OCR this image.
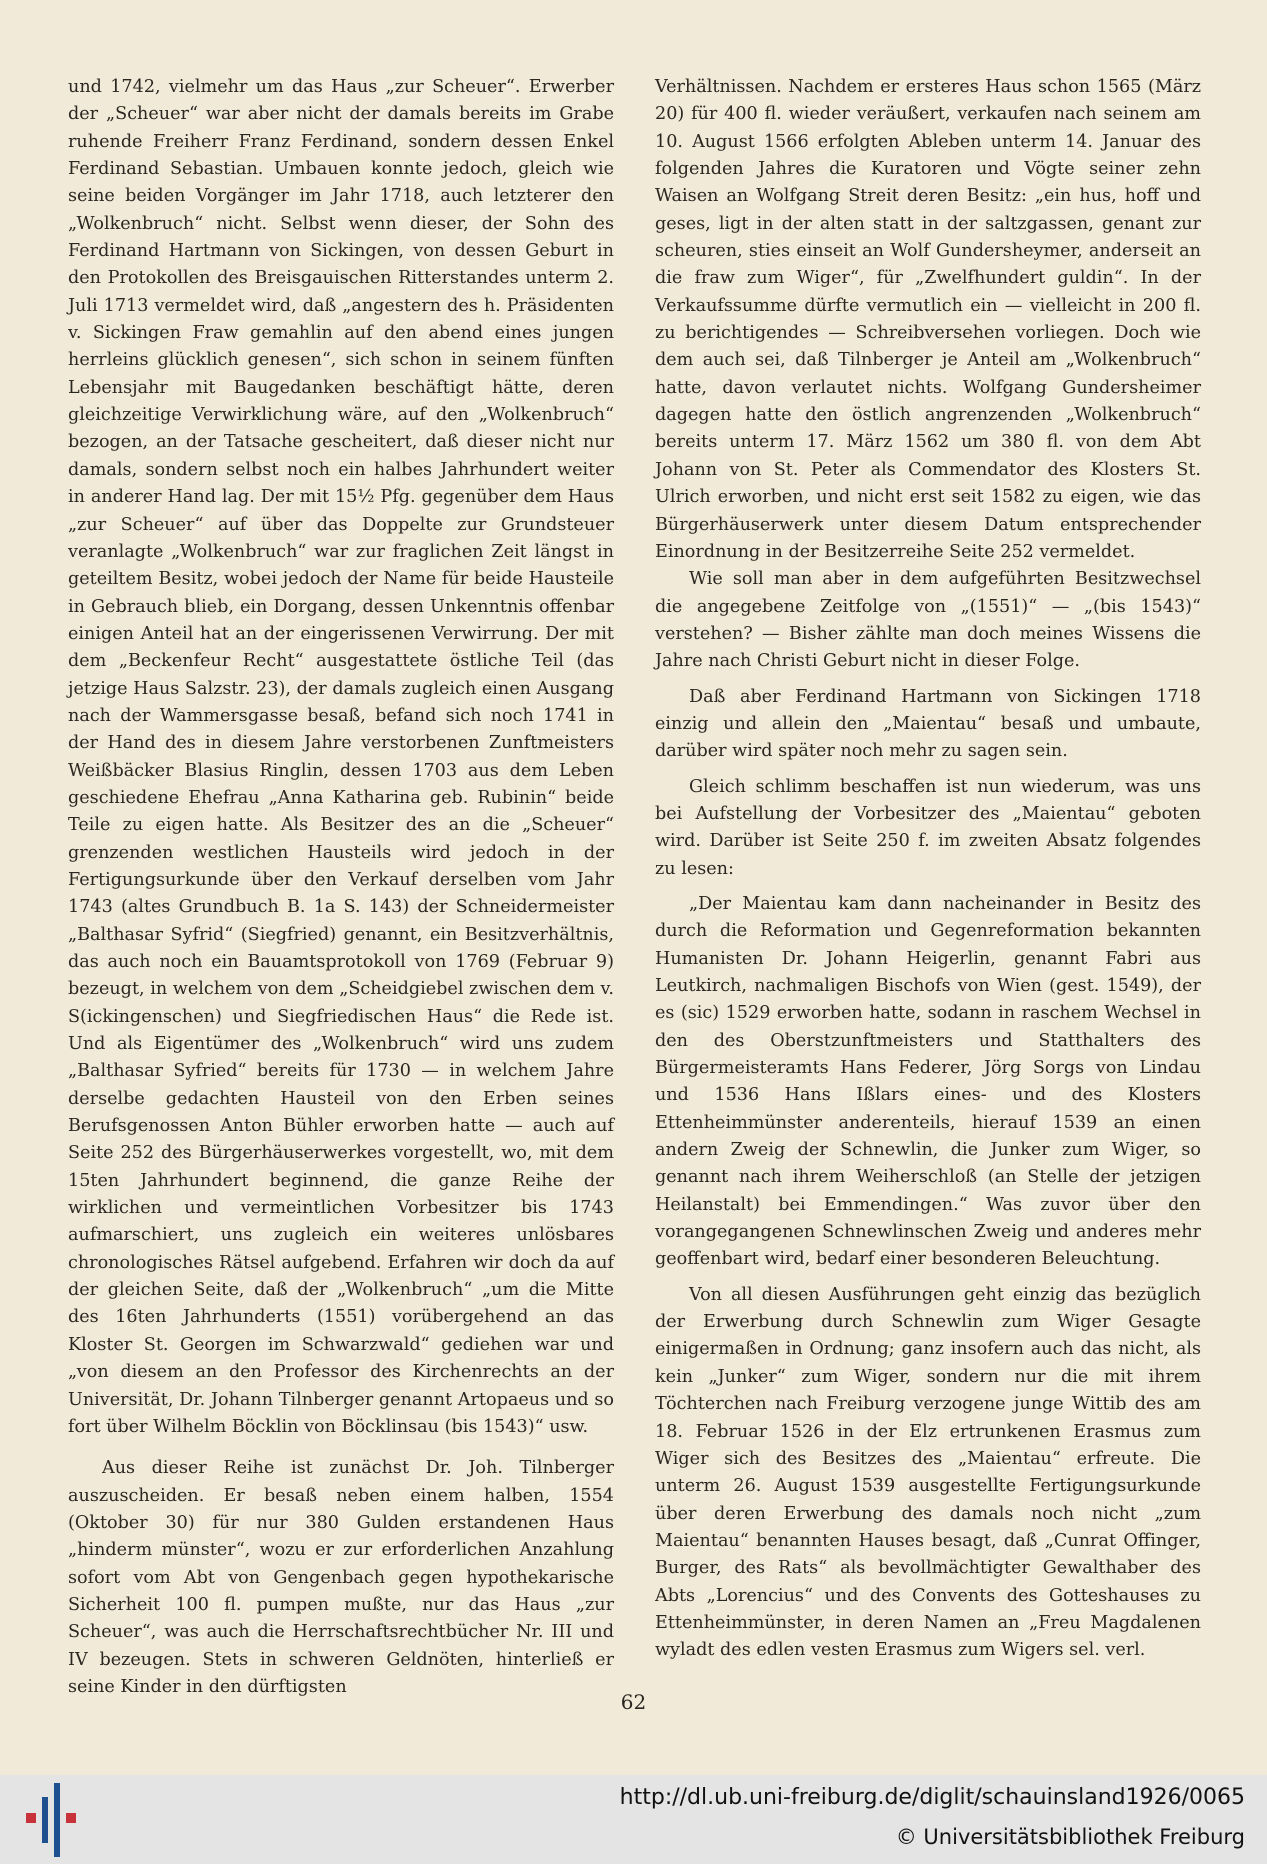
und 1742, vielmehr um das Haus „zur Scheuer“. Erwerber der „Scheuer“ war aber nicht der damals bereits im Grabe ruhende Freiherr Franz Ferdinand, sondern dessen Enkel Ferdinand Sebastian. Umbauen konnte jedoch, gleich wie seine beiden Vorgänger im Jahr 1718, auch letzterer den „Wolkenbruch“ nicht. Selbst wenn dieser, der Sohn des Ferdinand Hartmann von Sickingen, von dessen Geburt in den Protokollen des Breisgauischen Ritterstandes unterm 2. Juli 1713 vermeldet wird, daß „angestern des h. Präsidenten v. Sickingen Fraw gemahlin auf den abend eines jungen herrleins glücklich genesen“, sich schon in seinem fünften Lebensjahr mit Baugedanken beschäftigt hätte, deren gleichzeitige Verwirklichung wäre, auf den „Wolkenbruch“ bezogen, an der Tatsache gescheitert, daß dieser nicht nur damals, sondern selbst noch ein halbes Jahrhundert weiter in anderer Hand lag. Der mit 15½ Pfg. gegenüber dem Haus „zur Scheuer“ auf über das Doppelte zur Grundsteuer veranlagte „Wolkenbruch“ war zur fraglichen Zeit längst in geteiltem Besitz, wobei jedoch der Name für beide Hausteile in Gebrauch blieb, ein Dorgang, dessen Unkenntnis offenbar einigen Anteil hat an der eingerissenen Verwirrung. Der mit dem „Beckenfeur Recht“ ausgestattete östliche Teil (das jetzige Haus Salzstr. 23), der damals zugleich einen Ausgang nach der Wammersgasse besaß, befand sich noch 1741 in der Hand des in diesem Jahre verstorbenen Zunftmeisters Weißbäcker Blasius Ringlin, dessen 1703 aus dem Leben geschiedene Ehefrau „Anna Katharina geb. Rubinin“ beide Teile zu eigen hatte. Als Besitzer des an die „Scheuer“ grenzenden westlichen Hausteils wird jedoch in der Fertigungsurkunde über den Verkauf derselben vom Jahr 1743 (altes Grundbuch B. 1a S. 143) der Schneidermeister „Balthasar Syfrid“ (Siegfried) genannt, ein Besitzverhältnis, das auch noch ein Bauamtsprotokoll von 1769 (Februar 9) bezeugt, in welchem von dem „Scheidgiebel zwischen dem v. S(ickingenschen) und Siegfriedischen Haus“ die Rede ist. Und als Eigentümer des „Wolkenbruch“ wird uns zudem „Balthasar Syfried“ bereits für 1730 — in welchem Jahre derselbe gedachten Hausteil von den Erben seines Berufsgenossen Anton Bühler erworben hatte — auch auf Seite 252 des Bürgerhäuserwerkes vorgestellt, wo, mit dem 15ten Jahrhundert beginnend, die ganze Reihe der wirklichen und vermeintlichen Vorbesitzer bis 1743 aufmarschiert, uns zugleich ein weiteres unlösbares chronologisches Rätsel aufgebend. Erfahren wir doch da auf der gleichen Seite, daß der „Wolkenbruch“ „um die Mitte des 16ten Jahrhunderts (1551) vorübergehend an das Kloster St. Georgen im Schwarzwald“ gediehen war und „von diesem an den Professor des Kirchenrechts an der Universität, Dr. Johann Tilnberger genannt Artopaeus und so fort über Wilhelm Böcklin von Böcklinsau (bis 1543)“ usw.

Aus dieser Reihe ist zunächst Dr. Joh. Tilnberger auszuscheiden. Er besaß neben einem halben, 1554 (Oktober 30) für nur 380 Gulden erstandenen Haus „hinderm münster“, wozu er zur erforderlichen Anzahlung sofort vom Abt von Gengenbach gegen hypothekarische Sicherheit 100 fl. pumpen mußte, nur das Haus „zur Scheuer“, was auch die Herrschaftsrechtbücher Nr. III und IV bezeugen. Stets in schweren Geldnöten, hinterließ er seine Kinder in den dürftigsten

Verhältnissen. Nachdem er ersteres Haus schon 1565 (März 20) für 400 fl. wieder veräußert, verkaufen nach seinem am 10. August 1566 erfolgten Ableben unterm 14. Januar des folgenden Jahres die Kuratoren und Vögte seiner zehn Waisen an Wolfgang Streit deren Besitz: „ein hus, hoff und geses, ligt in der alten statt in der saltzgassen, genant zur scheuren, sties einseit an Wolf Gundersheymer, anderseit an die fraw zum Wiger“, für „Zwelfhundert guldin“. In der Verkaufssumme dürfte vermutlich ein — vielleicht in 200 fl. zu berichtigendes — Schreibversehen vorliegen. Doch wie dem auch sei, daß Tilnberger je Anteil am „Wolkenbruch“ hatte, davon verlautet nichts. Wolfgang Gundersheimer dagegen hatte den östlich angrenzenden „Wolkenbruch“ bereits unterm 17. März 1562 um 380 fl. von dem Abt Johann von St. Peter als Commendator des Klosters St. Ulrich erworben, und nicht erst seit 1582 zu eigen, wie das Bürgerhäuserwerk unter diesem Datum entsprechender Einordnung in der Besitzerreihe Seite 252 vermeldet.

Wie soll man aber in dem aufgeführten Besitzwechsel die angegebene Zeitfolge von „(1551)“ — „(bis 1543)“ verstehen? — Bisher zählte man doch meines Wissens die Jahre nach Christi Geburt nicht in dieser Folge.

Daß aber Ferdinand Hartmann von Sickingen 1718 einzig und allein den „Maientau“ besaß und umbaute, darüber wird später noch mehr zu sagen sein.

Gleich schlimm beschaffen ist nun wiederum, was uns bei Aufstellung der Vorbesitzer des „Maientau“ geboten wird. Darüber ist Seite 250 f. im zweiten Absatz folgendes zu lesen:

„Der Maientau kam dann nacheinander in Besitz des durch die Reformation und Gegenreformation bekannten Humanisten Dr. Johann Heigerlin, genannt Fabri aus Leutkirch, nachmaligen Bischofs von Wien (gest. 1549), der es (sic) 1529 erworben hatte, sodann in raschem Wechsel in den des Oberstzunftmeisters und Statthalters des Bürgermeisteramts Hans Federer, Jörg Sorgs von Lindau und 1536 Hans Ißlars eines- und des Klosters Ettenheimmünster anderenteils, hierauf 1539 an einen andern Zweig der Schnewlin, die Junker zum Wiger, so genannt nach ihrem Weiherschloß (an Stelle der jetzigen Heilanstalt) bei Emmendingen.“ Was zuvor über den vorangegangenen Schnewlinschen Zweig und anderes mehr geoffenbart wird, bedarf einer besonderen Beleuchtung.

Von all diesen Ausführungen geht einzig das bezüglich der Erwerbung durch Schnewlin zum Wiger Gesagte einigermaßen in Ordnung; ganz insofern auch das nicht, als kein „Junker“ zum Wiger, sondern nur die mit ihrem Töchterchen nach Freiburg verzogene junge Wittib des am 18. Februar 1526 in der Elz ertrunkenen Erasmus zum Wiger sich des Besitzes des „Maientau“ erfreute. Die unterm 26. August 1539 ausgestellte Fertigungsurkunde über deren Erwerbung des damals noch nicht „zum Maientau“ benannten Hauses besagt, daß „Cunrat Offinger, Burger, des Rats“ als bevollmächtigter Gewalthaber des Abts „Lorencius“ und des Convents des Gotteshauses zu Ettenheimmünster, in deren Namen an „Freu Magdalenen wyladt des edlen vesten Erasmus zum Wigers sel. verl.

62
http://dl.ub.uni-freiburg.de/diglit/schauinsland1926/0065
© Universitätsbibliothek Freiburg
